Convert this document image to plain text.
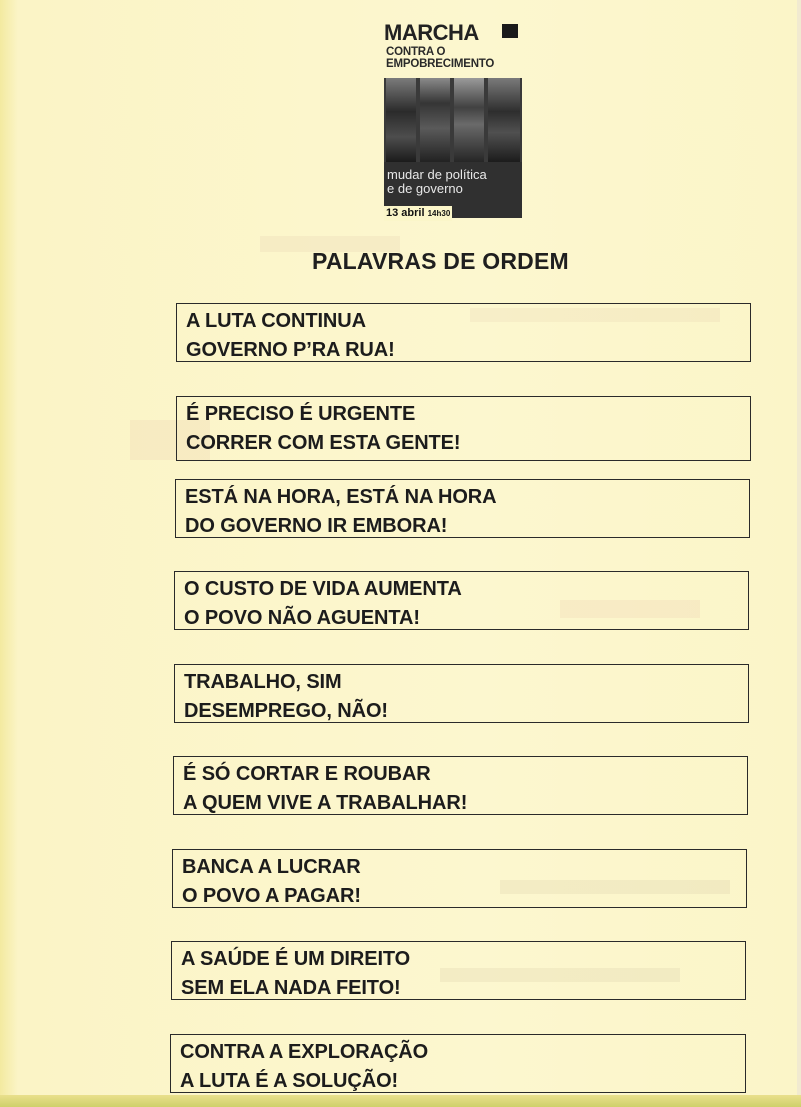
MARCHA
CONTRA O
EMPOBRECIMENTO
mudar de política
e de governo
13 abril 14h30
PALAVRAS DE ORDEM
A LUTA CONTINUA
GOVERNO P’RA RUA!
É PRECISO É URGENTE
CORRER COM ESTA GENTE!
ESTÁ NA HORA, ESTÁ NA HORA
DO GOVERNO IR EMBORA!
O CUSTO DE VIDA AUMENTA
O POVO NÃO AGUENTA!
TRABALHO, SIM
DESEMPREGO, NÃO!
É SÓ CORTAR E ROUBAR
A QUEM VIVE A TRABALHAR!
BANCA A LUCRAR
O POVO A PAGAR!
A SAÚDE É UM DIREITO
SEM ELA NADA FEITO!
CONTRA A EXPLORAÇÃO
A LUTA É A SOLUÇÃO!
